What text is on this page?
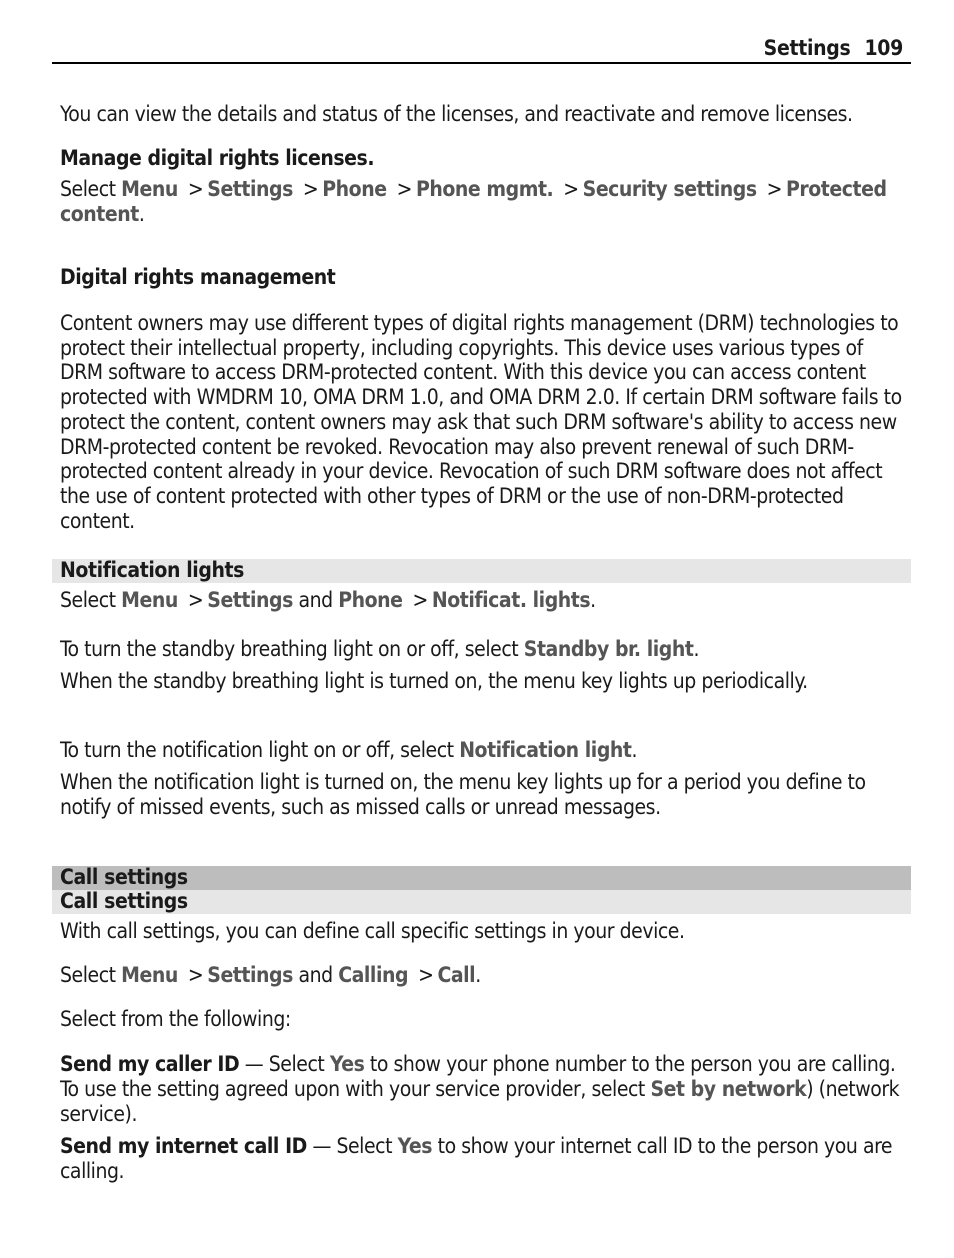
Settings 109
You can view the details and status of the licenses, and reactivate and remove licenses.
Manage digital rights licenses.
Select Menu > Settings > Phone > Phone mgmt. > Security settings > Protected content.
Digital rights management
Content owners may use different types of digital rights management (DRM) technologies to protect their intellectual property, including copyrights. This device uses various types of DRM software to access DRM-protected content. With this device you can access content protected with WMDRM 10, OMA DRM 1.0, and OMA DRM 2.0. If certain DRM software fails to protect the content, content owners may ask that such DRM software's ability to access new DRM-protected content be revoked. Revocation may also prevent renewal of such DRM-protected content already in your device. Revocation of such DRM software does not affect the use of content protected with other types of DRM or the use of non-DRM-protected content.
Notification lights
Select Menu > Settings and Phone > Notificat. lights.
To turn the standby breathing light on or off, select Standby br. light.
When the standby breathing light is turned on, the menu key lights up periodically.
To turn the notification light on or off, select Notification light.
When the notification light is turned on, the menu key lights up for a period you define to notify of missed events, such as missed calls or unread messages.
Call settings
Call settings
With call settings, you can define call specific settings in your device.
Select Menu > Settings and Calling > Call.
Select from the following:
Send my caller ID — Select Yes to show your phone number to the person you are calling. To use the setting agreed upon with your service provider, select Set by network) (network service).
Send my internet call ID — Select Yes to show your internet call ID to the person you are calling.
